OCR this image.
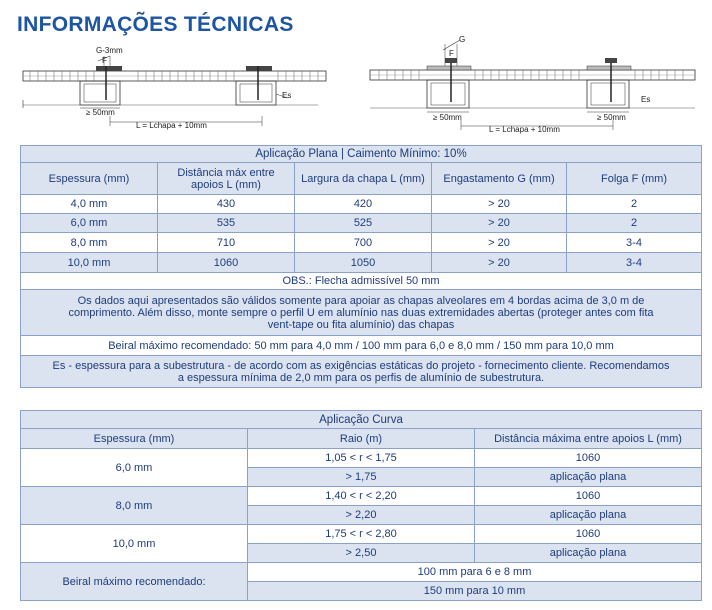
INFORMAÇÕES TÉCNICAS
G-3mm
F
≥ 50mm
Es
L = Lchapa + 10mm
G
F
≥ 50mm	≥ 50mm
Es
L = Lchapa + 10mm
Aplicação Plana | Caimento Mínimo: 10%				
Espessura (mm)	Distância máx entre apoios L (mm)	Largura da chapa L (mm)	Engastamento G (mm)	Folga F (mm)
4,0 mm	430	420	> 20	2
6,0 mm	535	525	> 20	2
8,0 mm	710	700	> 20	3-4
10,0 mm	1060	1050	> 20	3-4
OBS.: Flecha admissível 50 mm				
Os dados aqui apresentados são válidos somente para apoiar as chapas alveolares em 4 bordas acima de 3,0 m de comprimento. Além disso, monte sempre o perfil U em alumínio nas duas extremidades abertas (proteger antes com fita vent-tape ou fita alumínio) das chapas				
Beiral máximo recomendado: 50 mm para 4,0 mm / 100 mm para 6,0 e 8,0 mm / 150 mm para 10,0 mm				
Es - espessura para a subestrutura - de acordo com as exigências estáticas do projeto - fornecimento cliente. Recomendamos a espessura mínima de 2,0 mm para os perfis de alumínio de subestrutura.				
Aplicação Curva		
Espessura (mm)	Raio (m)	Distância máxima entre apoios L (mm)
6,0 mm	1,05 < r < 1,75	1060
	> 1,75	aplicação plana
8,0 mm	1,40 < r < 2,20	1060
	> 2,20	aplicação plana
10,0 mm	1,75 < r < 2,80	1060
	> 2,50	aplicação plana
Beiral máximo recomendado:	100 mm para 6 e 8 mm	
	150 mm para 10 mm	
